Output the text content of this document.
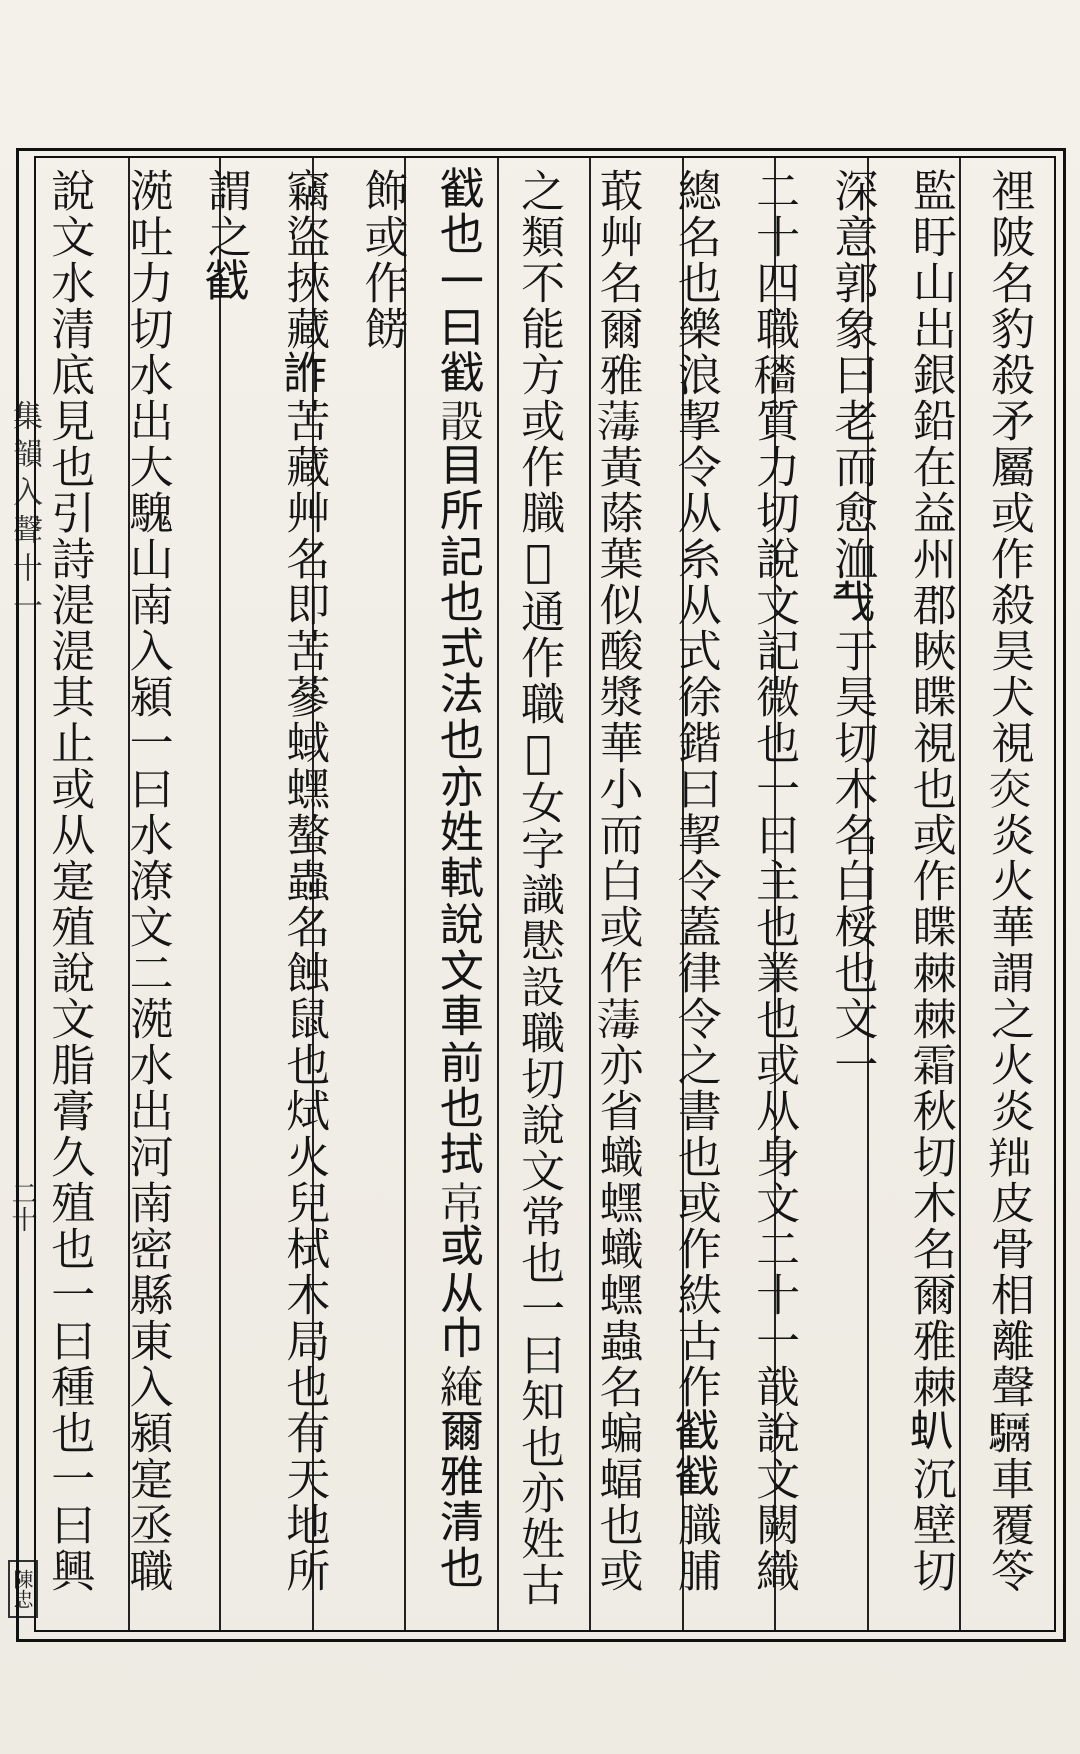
集韻入聲十一
二十
陳忠
𥚃陂名豹殺矛屬或作殺昊犬視𤆍炎火華謂之火炎𦍦皮骨相離聲𩦣車覆笭
監盱山出銀鉛在益州郡䀹䁋視也或作䁋棘棘霜秋切木名爾雅棘𧈢沉壁切
深意郭象曰老而愈洫𢦔于昊切木名白桵也文一
二十四職𥣱質力切說文記微也一曰主也業也或从身文二十一戠說文闕織
總名也樂浪挈令从糸从式徐鍇曰挈令蓋律令之書也或作紩古作𢧵𢧵膱脯
菆艸名爾雅𦺇黃蒢葉似酸漿華小而白或作𦺇亦省蟙蟔蟙蟔蟲名蝙蝠也或
之類不能方或作膱𦵔通作職𢧵女字識㦔設職切說文常也一曰知也亦姓古
𢧵也一曰𢧵𣪏目所記也式法也亦姓軾說文車前也拭𢂋或从巾𦁏爾雅清也
飾或作餝
竊盜挾藏𧧻苦藏艸名即苦蔘蜮蟔螯蟲名蝕鼠也烒火兒栻木局也有天地所
謂之𢧵
𣸱吐力切水出大騩山南入潁一曰水潦文二𣸱水出河南密縣東入潁寔丞職
說文水清底見也引詩湜湜其止或从寔殖說文脂膏久殖也一曰種也一曰興
